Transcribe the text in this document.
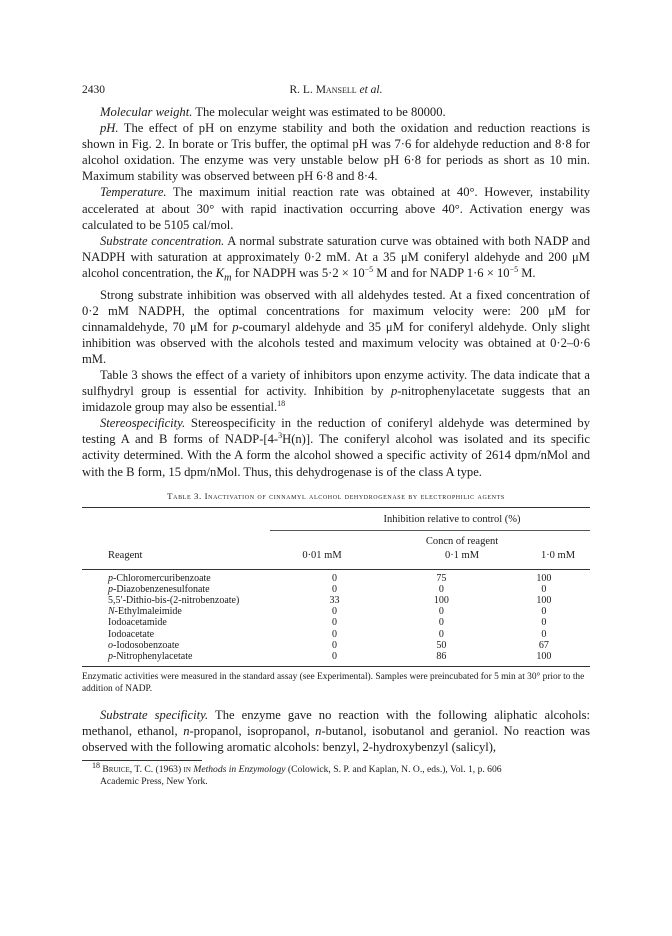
2430	R. L. Mansell et al.

Molecular weight. The molecular weight was estimated to be 80000.

pH. The effect of pH on enzyme stability and both the oxidation and reduction reactions is shown in Fig. 2. In borate or Tris buffer, the optimal pH was 7·6 for aldehyde reduction and 8·8 for alcohol oxidation. The enzyme was very unstable below pH 6·8 for periods as short as 10 min. Maximum stability was observed between pH 6·8 and 8·4.

Temperature. The maximum initial reaction rate was obtained at 40°. However, instability accelerated at about 30° with rapid inactivation occurring above 40°. Activation energy was calculated to be 5105 cal/mol.

Substrate concentration. A normal substrate saturation curve was obtained with both NADP and NADPH with saturation at approximately 0·2 mM. At a 35 μM coniferyl aldehyde and 200 μM alcohol concentration, the $K_m$ for NADPH was $5\cdot 2 \times 10^{-5}$ M and for NADP $1\cdot 6 \times 10^{-5}$ M.

Strong substrate inhibition was observed with all aldehydes tested. At a fixed concentration of 0·2 mM NADPH, the optimal concentrations for maximum velocity were: 200 μM for cinnamaldehyde, 70 μM for p-coumaryl aldehyde and 35 μM for coniferyl aldehyde. Only slight inhibition was observed with the alcohols tested and maximum velocity was obtained at 0·2–0·6 mM.

Table 3 shows the effect of a variety of inhibitors upon enzyme activity. The data indicate that a sulfhydryl group is essential for activity. Inhibition by p-nitrophenylacetate suggests that an imidazole group may also be essential.$^{18}$

Stereospecificity. Stereospecificity in the reduction of coniferyl aldehyde was determined by testing A and B forms of NADP-[4-$^3$H(n)]. The coniferyl alcohol was isolated and its specific activity determined. With the A form the alcohol showed a specific activity of 2614 dpm/nMol and with the B form, 15 dpm/nMol. Thus, this dehydrogenase is of the class A type.

Table 3. Inactivation of cinnamyl alcohol dehydrogenase by electrophilic agents
Inhibition relative to control (%)
Concn of reagent
Reagent	0·01 mM	0·1 mM	1·0 mM
p-Chloromercuribenzoate	0	75	100
p-Diazobenzenesulfonate	0	0	0
5,5′-Dithio-bis-(2-nitrobenzoate)	33	100	100
N-Ethylmaleimide	0	0	0
Iodoacetamide	0	0	0
Iodoacetate	0	0	0
o-Iodosobenzoate	0	50	67
p-Nitrophenylacetate	0	86	100

Enzymatic activities were measured in the standard assay (see Experimental). Samples were preincubated for 5 min at 30° prior to the addition of NADP.

Substrate specificity. The enzyme gave no reaction with the following aliphatic alcohols: methanol, ethanol, n-propanol, isopropanol, n-butanol, isobutanol and geraniol. No reaction was observed with the following aromatic alcohols: benzyl, 2-hydroxybenzyl (salicyl),

$^{18}$ Bruice, T. C. (1963) in Methods in Enzymology (Colowick, S. P. and Kaplan, N. O., eds.), Vol. 1, p. 606
Academic Press, New York.
